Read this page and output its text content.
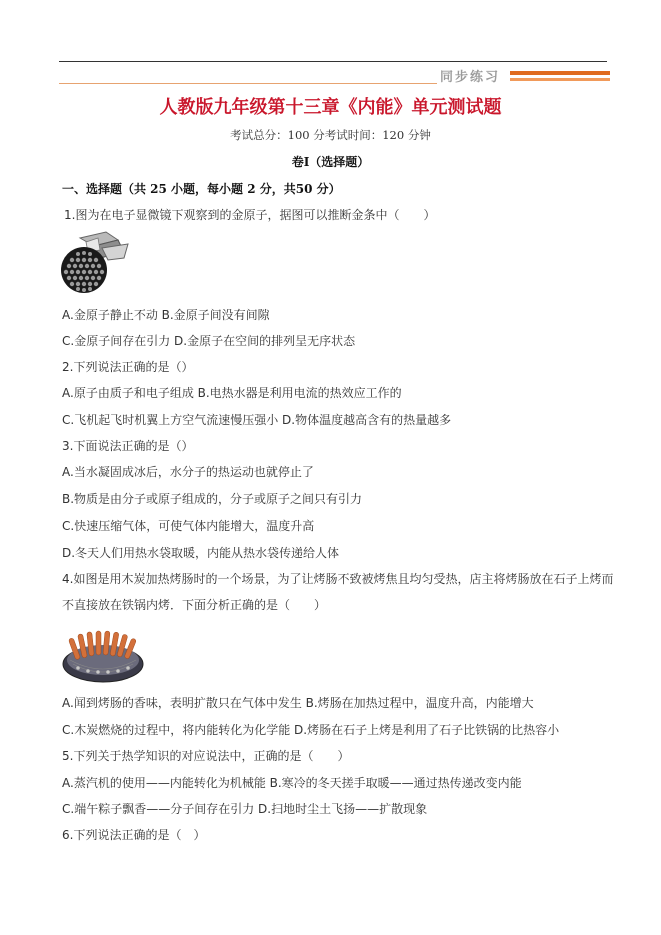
同步练习
人教版九年级第十三章《内能》单元测试题
考试总分：100 分考试时间：120 分钟
卷I（选择题）
一、选择题（共 25 小题，每小题 2 分，共50 分）
1.图为在电子显微镜下观察到的金原子，据图可以推断金条中（　　）
A.金原子静止不动 B.金原子间没有间隙
C.金原子间存在引力 D.金原子在空间的排列呈无序状态
2.下列说法正确的是（）
A.原子由质子和电子组成 B.电热水器是利用电流的热效应工作的
C.飞机起飞时机翼上方空气流速慢压强小 D.物体温度越高含有的热量越多
3.下面说法正确的是（）
A.当水凝固成冰后，水分子的热运动也就停止了
B.物质是由分子或原子组成的，分子或原子之间只有引力
C.快速压缩气体，可使气体内能增大，温度升高
D.冬天人们用热水袋取暖，内能从热水袋传递给人体
4.如图是用木炭加热烤肠时的一个场景，为了让烤肠不致被烤焦且均匀受热，店主将烤肠放在石子上烤而
不直接放在铁锅内烤．下面分析正确的是（　　）
A.闻到烤肠的香味，表明扩散只在气体中发生 B.烤肠在加热过程中，温度升高，内能增大
C.木炭燃烧的过程中，将内能转化为化学能 D.烤肠在石子上烤是利用了石子比铁锅的比热容小
5.下列关于热学知识的对应说法中，正确的是（　　）
A.蒸汽机的使用——内能转化为机械能 B.寒冷的冬天搓手取暖——通过热传递改变内能
C.端午粽子飘香——分子间存在引力 D.扫地时尘土飞扬——扩散现象
6.下列说法正确的是（　）
